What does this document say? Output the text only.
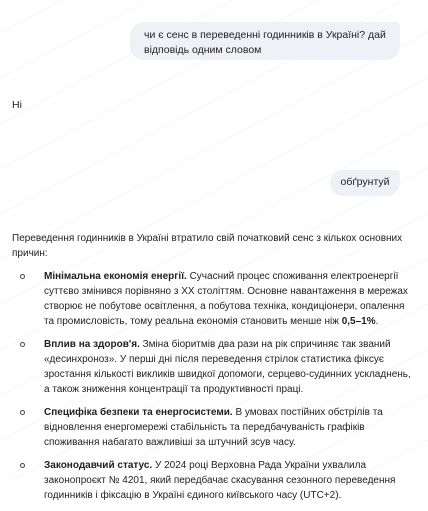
чи є сенс в переведенні годинників в Україні? дай відповідь одним словом
Ні
обґрунтуй

Переведення годинників в Україні втратило свій початковий сенс з кількох основних причин:

Мінімальна економія енергії. Сучасний процес споживання електроенергії суттєво змінився порівняно з XX століттям. Основне навантаження в мережах створює не побутове освітлення, а побутова техніка, кондиціонери, опалення та промисловість, тому реальна економія становить менше ніж 0,5–1%.
Вплив на здоров'я. Зміна біоритмів два рази на рік спричиняє так званий «десинхроноз». У перші дні після переведення стрілок статистика фіксує зростання кількості викликів швидкої допомоги, серцево-судинних ускладнень, а також зниження концентрації та продуктивності праці.
Специфіка безпеки та енергосистеми. В умовах постійних обстрілів та відновлення енергомережі стабільність та передбачуваність графіків споживання набагато важливіші за штучний зсув часу.
Законодавчий статус. У 2024 році Верховна Рада України ухвалила законопроєкт № 4201, який передбачає скасування сезонного переведення годинників і фіксацію в Україні єдиного київського часу (UTC+2).
